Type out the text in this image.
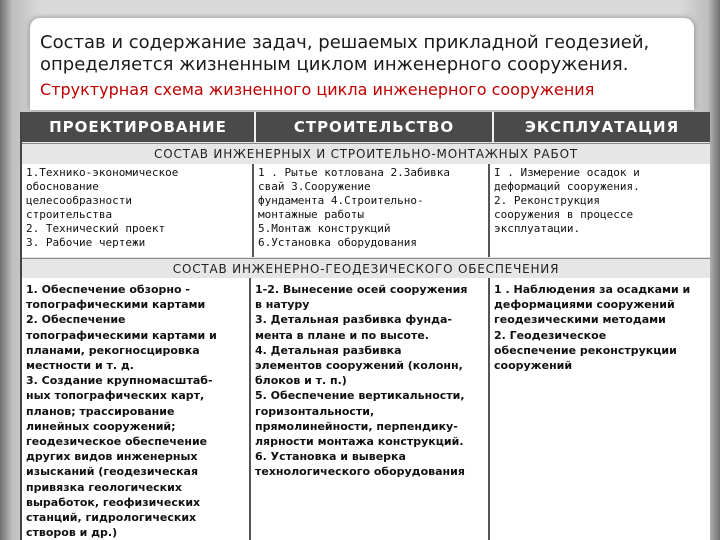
Состав и содержание задач, решаемых прикладной геодезией,
определяется жизненным циклом инженерного сооружения.
Структурная схема жизненного цикла инженерного сооружения
ПРОЕКТИРОВАНИЕ	СТРОИТЕЛЬСТВО	ЭКСПЛУАТАЦИЯ
СОСТАВ ИНЖЕНЕРНЫХ И СТРОИТЕЛЬНО-МОНТАЖНЫХ РАБОТ
1.Технико-экономическое
обоснование
целесообразности
строительства
2. Технический проект
3. Рабочие чертежи
1 . Рытье котлована 2.Забивка
свай 3.Сооружение
фундамента 4.Строительно-
монтажные работы
5.Монтаж конструкций
6.Установка оборудования
I . Измерение осадок и
деформаций сооружения.
2. Реконструкция
сооружения в процессе
эксплуатации.
СОСТАВ ИНЖЕНЕРНО-ГЕОДЕЗИЧЕСКОГО ОБЕСПЕЧЕНИЯ
1. Обеспечение обзорно -
топографическими картами
2. Обеспечение
топографическими картами и
планами, рекогносцировка
местности и т. д.
3. Создание крупномасштаб-
ных топографических карт,
планов; трассирование
линейных сооружений;
геодезическое обеспечение
других видов инженерных
изысканий (геодезическая
привязка геологических
выработок, геофизических
станций, гидрологических
створов и др.)
1-2. Вынесение осей сооружения
в натуру
3. Детальная разбивка фунда-
мента в плане и по высоте.
4. Детальная разбивка
элементов сооружений (колонн,
блоков и т. п.)
5. Обеспечение вертикальности,
горизонтальности,
прямолинейности, перпендику-
лярности монтажа конструкций.
6. Установка и выверка
технологического оборудования
1 . Наблюдения за осадками и
деформациями сооружений
геодезическими методами
2. Геодезическое
обеспечение реконструкции
сооружений
